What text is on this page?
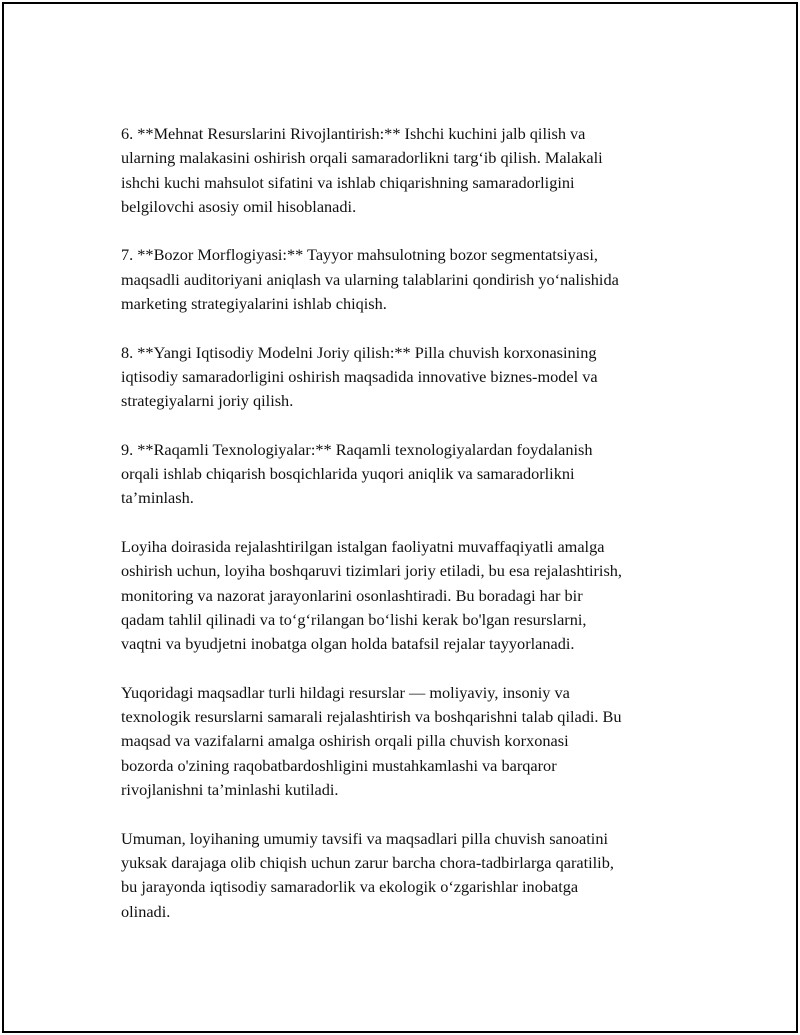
6. **Mehnat Resurslarini Rivojlantirish:** Ishchi kuchini jalb qilish va
ularning malakasini oshirish orqali samaradorlikni targ‘ib qilish. Malakali
ishchi kuchi mahsulot sifatini va ishlab chiqarishning samaradorligini
belgilovchi asosiy omil hisoblanadi.

7. **Bozor Morflogiyasi:** Tayyor mahsulotning bozor segmentatsiyasi,
maqsadli auditoriyani aniqlash va ularning talablarini qondirish yo‘nalishida
marketing strategiyalarini ishlab chiqish.

8. **Yangi Iqtisodiy Modelni Joriy qilish:** Pilla chuvish korxonasining
iqtisodiy samaradorligini oshirish maqsadida innovative biznes-model va
strategiyalarni joriy qilish.

9. **Raqamli Texnologiyalar:** Raqamli texnologiyalardan foydalanish
orqali ishlab chiqarish bosqichlarida yuqori aniqlik va samaradorlikni
ta’minlash.

Loyiha doirasida rejalashtirilgan istalgan faoliyatni muvaffaqiyatli amalga
oshirish uchun, loyiha boshqaruvi tizimlari joriy etiladi, bu esa rejalashtirish,
monitoring va nazorat jarayonlarini osonlashtiradi. Bu boradagi har bir
qadam tahlil qilinadi va to‘g‘rilangan bo‘lishi kerak bo'lgan resurslarni,
vaqtni va byudjetni inobatga olgan holda batafsil rejalar tayyorlanadi.

Yuqoridagi maqsadlar turli hildagi resurslar — moliyaviy, insoniy va
texnologik resurslarni samarali rejalashtirish va boshqarishni talab qiladi. Bu
maqsad va vazifalarni amalga oshirish orqali pilla chuvish korxonasi
bozorda o'zining raqobatbardoshligini mustahkamlashi va barqaror
rivojlanishni ta’minlashi kutiladi.

Umuman, loyihaning umumiy tavsifi va maqsadlari pilla chuvish sanoatini
yuksak darajaga olib chiqish uchun zarur barcha chora-tadbirlarga qaratilib,
bu jarayonda iqtisodiy samaradorlik va ekologik o‘zgarishlar inobatga
olinadi.
